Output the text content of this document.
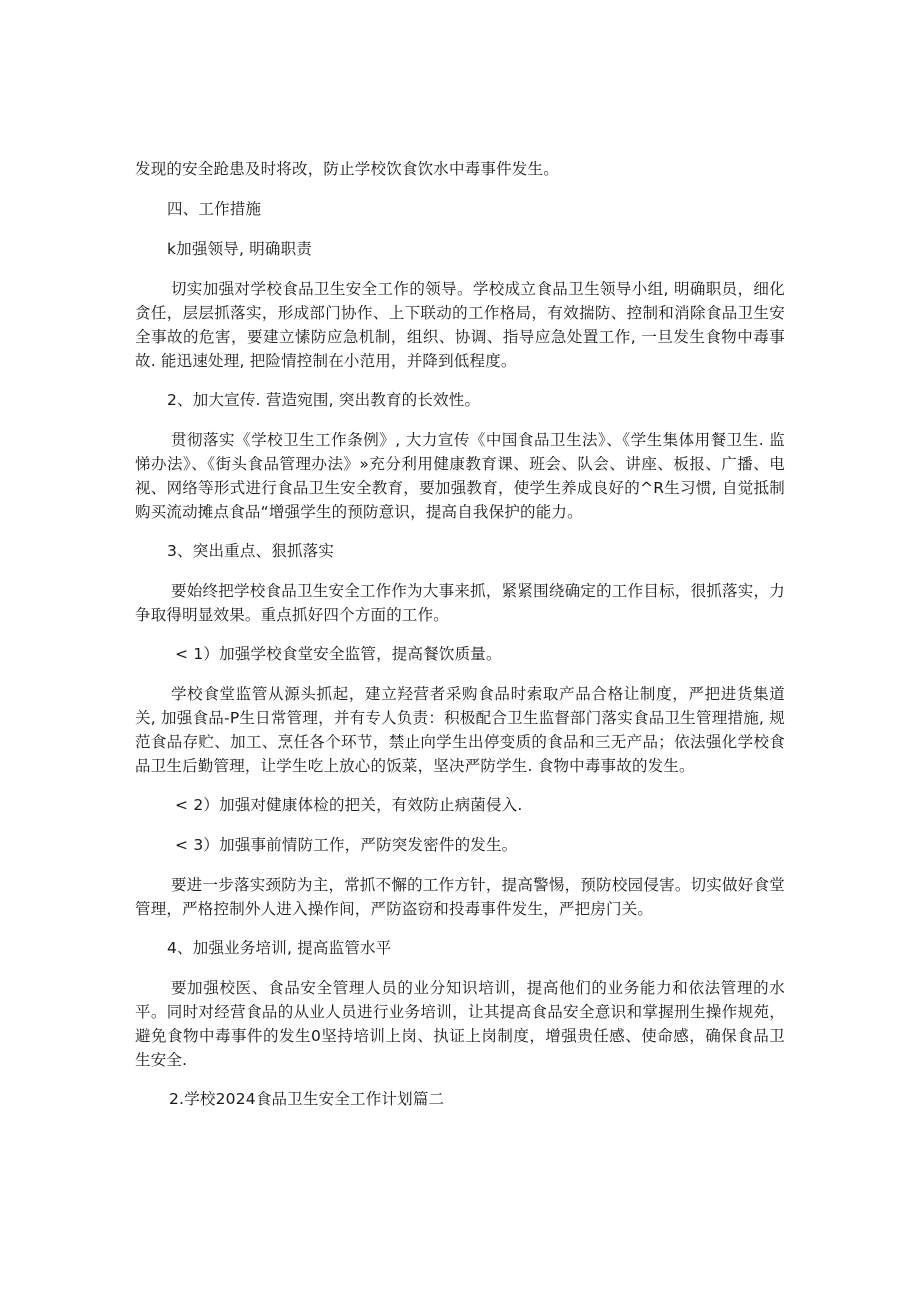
发现的安全跄患及时将改，防止学校饮食饮水中毒事件发生。

四、工作措施

k加强领导, 明确职责

切实加强对学校食品卫生安全工作的领导。学校成立食品卫生领导小组, 明确职员，细化贪任，层层抓落实，形成部门协作、上下联动的工作格局，有效揣防、控制和消除食品卫生安全事故的危害，要建立愫防应急机制，组织、协调、指导应急处置工作, 一旦发生食物中毒事故. 能迅速处理, 把险情控制在小范用，并降到低程度。

2、加大宣传. 营造宛围, 突出教育的长效性。

贯彻落实《学校卫生工作条例》, 大力宣传《中国食品卫生法》、《学生集体用餐卫生. 监悌办法》、《街头食品管理办法》»充分利用健康教育课、班会、队会、讲座、板报、广播、电视、网络等形式进行食品卫生安全教育，要加强教育，使学生养成良好的^R生习惯, 自觉抵制购买流动摊点食品“增强学生的预防意识，提高自我保护的能力。

3、突出重点、狠抓落实

要始终把学校食品卫生安全工作作为大事来抓，紧紧围绕确定的工作目标，很抓落实，力争取得明显效果。重点抓好四个方面的工作。

< 1）加强学校食堂安全监管，提高餐饮质量。

学校食堂监管从源头抓起，建立羟营者采购食品时索取产品合格让制度，严把进货集道关, 加强食品-P生日常管理，并有专人负责：积极配合卫生监督部门落实食品卫生管理措施, 规范食品存贮、加工、烹任各个环节，禁止向学生出停变质的食品和三无产品；依法强化学校食品卫生后勤管理，让学生吃上放心的饭菜，坚决严防学生. 食物中毒事故的发生。

< 2）加强对健康体检的把关，有效防止病菌侵入.

< 3）加强事前情防工作，严防突发密件的发生。

要进一步落实颈防为主，常抓不懈的工作方针，提高警惕，预防校园侵害。切实做好食堂管理，严格控制外人进入操作间，严防盗窃和投毒事件发生，严把房门关。

4、加强业务培训, 提高监管水平

要加强校医、食品安全管理人员的业分知识培训，提高他们的业务能力和依法管理的水平。同时对经营食品的从业人员进行业务培训，让其提高食品安全意识和掌握刑生操作规苑，避免食物中毒事件的发生0坚持培训上岗、执证上岗制度，增强贵任感、使命感，确保食品卫生安全.

2.学校2024食品卫生安全工作计划篇二
